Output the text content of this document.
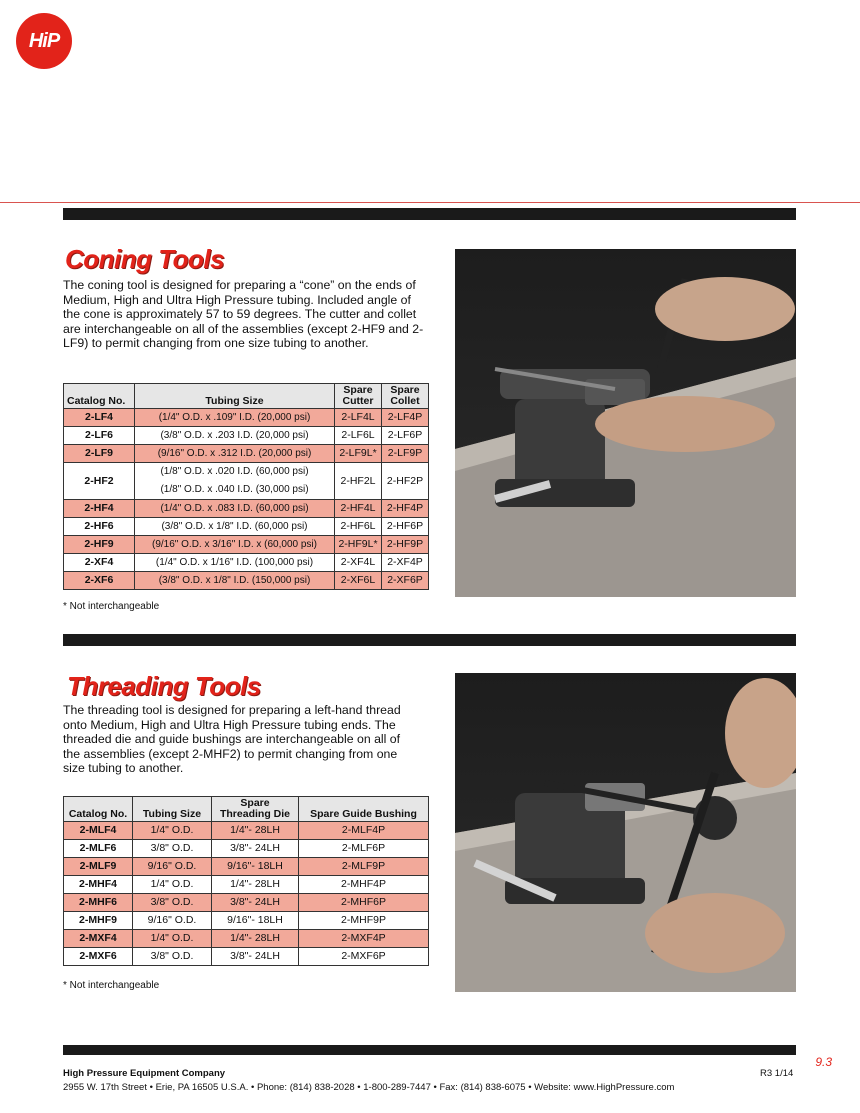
HiP
Coning Tools

The coning tool is designed for preparing a “cone” on the ends of Medium, High and Ultra High Pressure tubing. Included angle of the cone is approximately 57 to 59 degrees. The cutter and collet are interchangeable on all of the assemblies (except 2-HF9 and 2-LF9) to permit changing from one size tubing to another.

Catalog No.	Tubing Size	Spare Cutter	Spare Collet
2-LF4	(1/4" O.D. x .109" I.D. (20,000 psi)	2-LF4L	2-LF4P
2-LF6	(3/8" O.D. x .203 I.D. (20,000 psi)	2-LF6L	2-LF6P
2-LF9	(9/16" O.D. x .312 I.D. (20,000 psi)	2-LF9L*	2-LF9P
2-HF2	(1/8" O.D. x .020 I.D. (60,000 psi)
(1/8" O.D. x .040 I.D. (30,000 psi)	2-HF2L	2-HF2P
2-HF4	(1/4" O.D. x .083 I.D. (60,000 psi)	2-HF4L	2-HF4P
2-HF6	(3/8" O.D. x 1/8" I.D. (60,000 psi)	2-HF6L	2-HF6P
2-HF9	(9/16" O.D. x 3/16" I.D. x (60,000 psi)	2-HF9L*	2-HF9P
2-XF4	(1/4" O.D. x 1/16" I.D. (100,000 psi)	2-XF4L	2-XF4P
2-XF6	(3/8" O.D. x 1/8" I.D. (150,000 psi)	2-XF6L	2-XF6P
* Not interchangeable
Threading Tools

The threading tool is designed for preparing a left-hand thread onto Medium, High and Ultra High Pressure tubing ends. The threaded die and guide bushings are interchangeable on all of the assemblies (except 2-MHF2) to permit changing from one size tubing to another.

Catalog No.	Tubing Size	Spare Threading Die	Spare Guide Bushing
2-MLF4	1/4" O.D.	1/4"- 28LH	2-MLF4P
2-MLF6	3/8" O.D.	3/8"- 24LH	2-MLF6P
2-MLF9	9/16" O.D.	9/16"- 18LH	2-MLF9P
2-MHF4	1/4" O.D.	1/4"- 28LH	2-MHF4P
2-MHF6	3/8" O.D.	3/8"- 24LH	2-MHF6P
2-MHF9	9/16" O.D.	9/16"- 18LH	2-MHF9P
2-MXF4	1/4" O.D.	1/4"- 28LH	2-MXF4P
2-MXF6	3/8" O.D.	3/8"- 24LH	2-MXF6P
* Not interchangeable
9.3
High Pressure Equipment Company	R3 1/14
2955 W. 17th Street • Erie, PA 16505 U.S.A. • Phone: (814) 838-2028 • 1-800-289-7447 • Fax: (814) 838-6075 • Website: www.HighPressure.com
